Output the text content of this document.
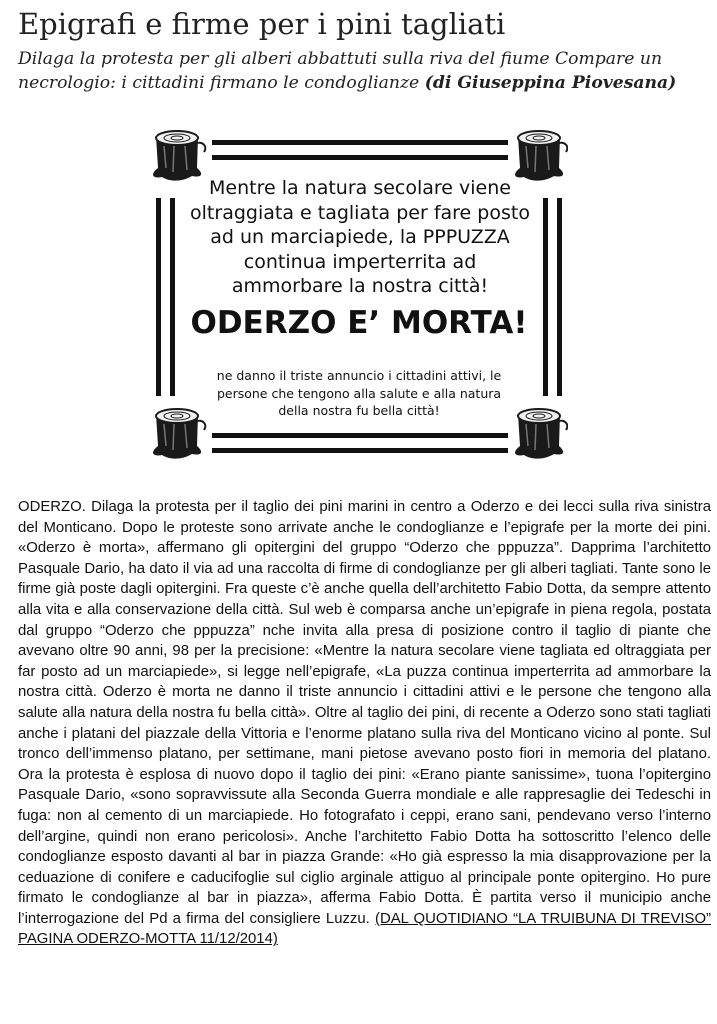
Epigrafi e firme per i pini tagliati
Dilaga la protesta per gli alberi abbattuti sulla riva del fiume Compare un necrologio: i cittadini firmano le condoglianze (di Giuseppina Piovesana)
Mentre la natura secolare viene oltraggiata e tagliata per fare posto ad un marciapiede, la PPPUZZA continua imperterrita ad ammorbare la nostra città!
ODERZO E’ MORTA!
ne danno il triste annuncio i cittadini attivi, le persone che tengono alla salute e alla natura della nostra fu bella città!
ODERZO. Dilaga la protesta per il taglio dei pini marini in centro a Oderzo e dei lecci sulla riva sinistra del Monticano. Dopo le proteste sono arrivate anche le condoglianze e l’epigrafe per la morte dei pini. «Oderzo è morta», affermano gli opitergini del gruppo “Oderzo che pppuzza”. Dapprima l’architetto Pasquale Dario, ha dato il via ad una raccolta di firme di condoglianze per gli alberi tagliati. Tante sono le firme già poste dagli opitergini. Fra queste c’è anche quella dell’architetto Fabio Dotta, da sempre attento alla vita e alla conservazione della città. Sul web è comparsa anche un’epigrafe in piena regola, postata dal gruppo “Oderzo che pppuzza” nche invita alla presa di posizione contro il taglio di piante che avevano oltre 90 anni, 98 per la precisione: «Mentre la natura secolare viene tagliata ed oltraggiata per far posto ad un marciapiede», si legge nell’epigrafe, «La puzza continua imperterrita ad ammorbare la nostra città. Oderzo è morta ne danno il triste annuncio i cittadini attivi e le persone che tengono alla salute alla natura della nostra fu bella città». Oltre al taglio dei pini, di recente a Oderzo sono stati tagliati anche i platani del piazzale della Vittoria e l’enorme platano sulla riva del Monticano vicino al ponte. Sul tronco dell’immenso platano, per settimane, mani pietose avevano posto fiori in memoria del platano. Ora la protesta è esplosa di nuovo dopo il taglio dei pini: «Erano piante sanissime», tuona l’opitergino Pasquale Dario, «sono sopravvissute alla Seconda Guerra mondiale e alle rappresaglie dei Tedeschi in fuga: non al cemento di un marciapiede. Ho fotografato i ceppi, erano sani, pendevano verso l’interno dell’argine, quindi non erano pericolosi». Anche l’architetto Fabio Dotta ha sottoscritto l’elenco delle condoglianze esposto davanti al bar in piazza Grande: «Ho già espresso la mia disapprovazione per la ceduazione di conifere e caducifoglie sul ciglio arginale attiguo al principale ponte opitergino. Ho pure firmato le condoglianze al bar in piazza», afferma Fabio Dotta. È partita verso il municipio anche l’interrogazione del Pd a firma del consigliere Luzzu. (DAL QUOTIDIANO “LA TRUIBUNA DI TREVISO” PAGINA ODERZO-MOTTA 11/12/2014)
